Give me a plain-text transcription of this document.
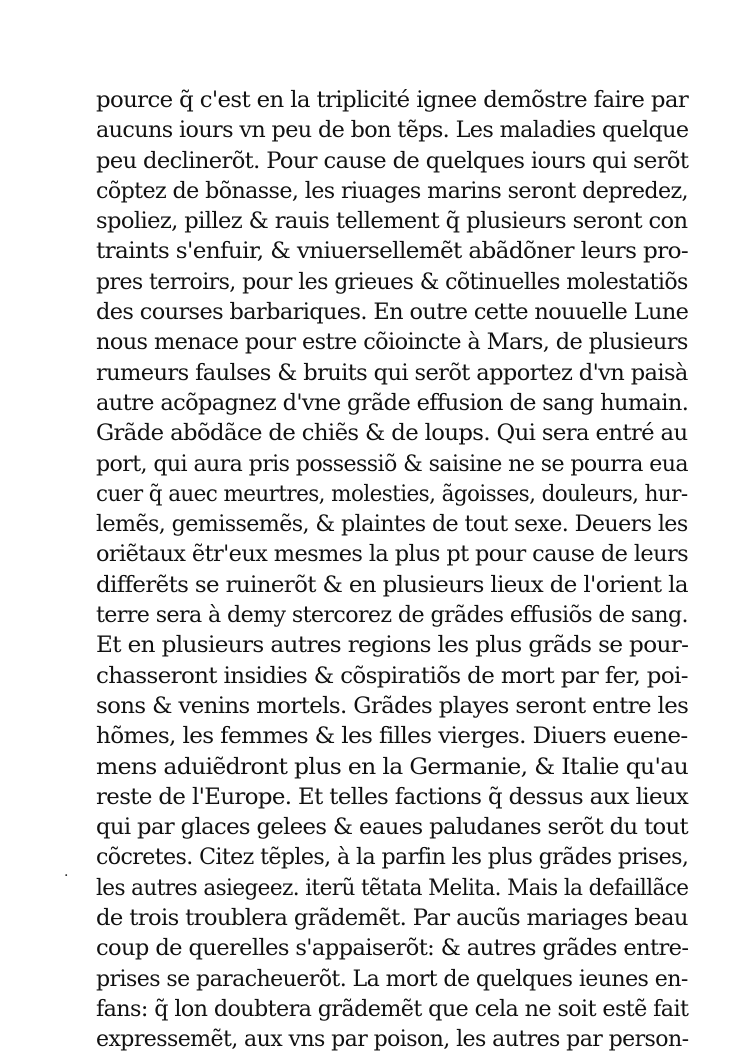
pource q̃ c'est en la triplicité ignee demõstre faire par
aucuns iours vn peu de bon tẽps. Les maladies quelque
peu declinerõt. Pour cause de quelques iours qui serõt
cõptez de bõnasse, les riuages marins seront depredez,
spoliez, pillez & rauis tellement q̃ plusieurs seront con
traints s'enfuir, & vniuersellemẽt abãdõner leurs pro-
pres terroirs, pour les grieues & cõtinuelles molestatiõs
des courses barbariques. En outre cette nouuelle Lune
nous menace pour estre cõioincte à Mars, de plusieurs
rumeurs faulses & bruits qui serõt apportez d'vn paisà
autre acõpagnez d'vne grãde effusion de sang humain.
Grãde abõdãce de chiẽs & de loups. Qui sera entré au
port, qui aura pris possessiõ & saisine ne se pourra eua
cuer q̃ auec meurtres, molesties, ãgoisses, douleurs, hur-
lemẽs, gemissemẽs, & plaintes de tout sexe. Deuers les
oriẽtaux ẽtr'eux mesmes la plus pt pour cause de leurs
differẽts se ruinerõt & en plusieurs lieux de l'orient la
terre sera à demy stercorez de grãdes effusiõs de sang.
Et en plusieurs autres regions les plus grãds se pour-
chasseront insidies & cõspiratiõs de mort par fer, poi-
sons & venins mortels. Grãdes playes seront entre les
hõmes, les femmes & les filles vierges. Diuers euene-
mens aduiẽdront plus en la Germanie, & Italie qu'au
reste de l'Europe. Et telles factions q̃ dessus aux lieux
qui par glaces gelees & eaues paludanes serõt du tout
cõcretes. Citez tẽples, à la parfin les plus grãdes prises,
les autres asiegeez. iterũ tẽtata Melita. Mais la defaillãce
de trois troublera grãdemẽt. Par aucũs mariages beau
coup de querelles s'appaiserõt: & autres grãdes entre-
prises se paracheuerõt. La mort de quelques ieunes en-
fans: q̃ lon doubtera grãdemẽt que cela ne soit estẽ fait
expressemẽt, aux vns par poison, les autres par person-
·
